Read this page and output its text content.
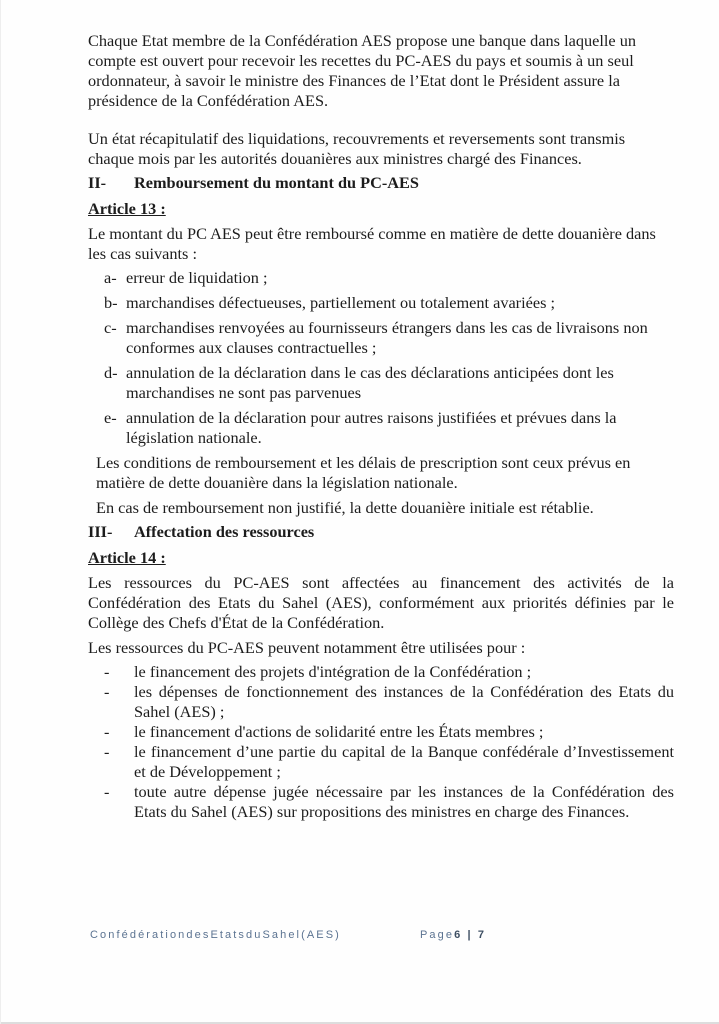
Chaque Etat membre de la Confédération AES propose une banque dans laquelle un compte est ouvert pour recevoir les recettes du PC-AES du pays et soumis à un seul ordonnateur, à savoir le ministre des Finances de l’Etat dont le Président assure la présidence de la Confédération AES.

Un état récapitulatif des liquidations, recouvrements et reversements sont transmis chaque mois par les autorités douanières aux ministres chargé des Finances.

II-	Remboursement du montant du PC-AES

Article 13 :

Le montant du PC AES peut être remboursé comme en matière de dette douanière dans les cas suivants :

a- erreur de liquidation ;
b- marchandises défectueuses, partiellement ou totalement avariées ;
c- marchandises renvoyées au fournisseurs étrangers dans les cas de livraisons non conformes aux clauses contractuelles ;
d- annulation de la déclaration dans le cas des déclarations anticipées dont les marchandises ne sont pas parvenues
e- annulation de la déclaration pour autres raisons justifiées et prévues dans la législation nationale.

Les conditions de remboursement et les délais de prescription sont ceux prévus en matière de dette douanière dans la législation nationale.

En cas de remboursement non justifié, la dette douanière initiale est rétablie.

III-	Affectation des ressources

Article 14 :

Les ressources du PC-AES sont affectées au financement des activités de la Confédération des Etats du Sahel (AES), conformément aux priorités définies par le Collège des Chefs d'État de la Confédération.

Les ressources du PC-AES peuvent notamment être utilisées pour :

-	le financement des projets d'intégration de la Confédération ;
-	les dépenses de fonctionnement des instances de la Confédération des Etats du Sahel (AES) ;
-	le financement d'actions de solidarité entre les États membres ;
-	le financement d’une partie du capital de la Banque confédérale d’Investissement et de Développement ;
-	toute autre dépense jugée nécessaire par les instances de la Confédération des Etats du Sahel (AES) sur propositions des ministres en charge des Finances.
ConfédérationdesEtatsduSahel(AES)	Page6 | 7
